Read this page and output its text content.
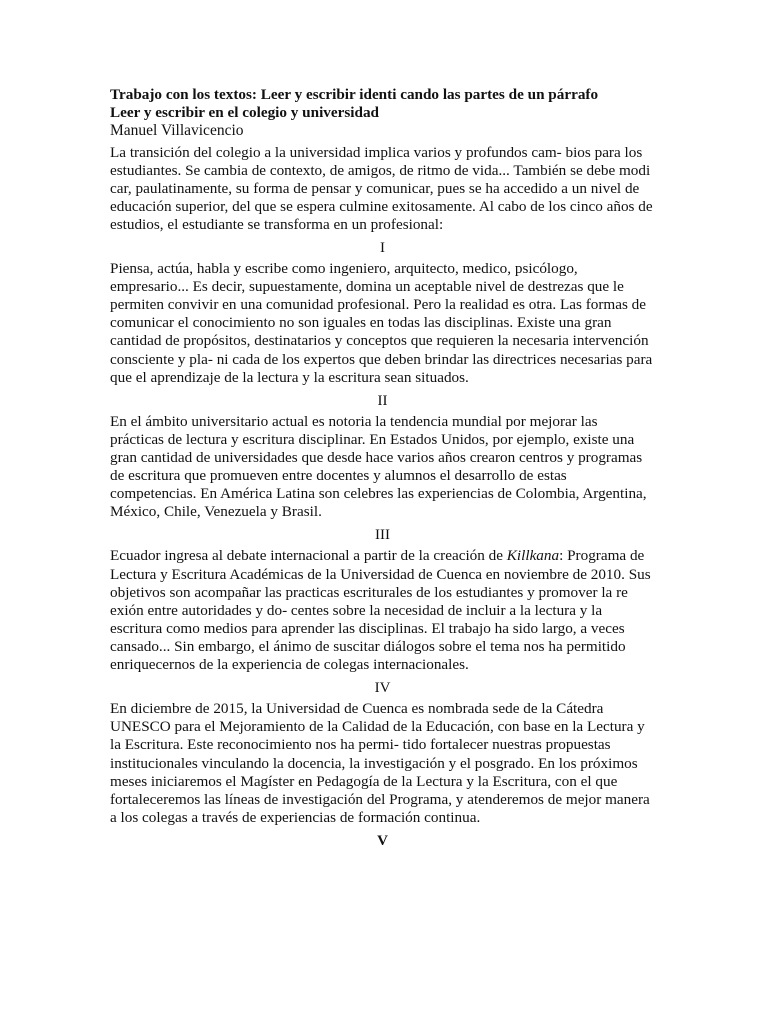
Trabajo con los textos: Leer y escribir identi cando las partes de un párrafo
Leer y escribir en el colegio y universidad
Manuel Villavicencio

La transición del colegio a la universidad implica varios y profundos cam- bios para los estudiantes. Se cambia de contexto, de amigos, de ritmo de vida... También se debe modi car, paulatinamente, su forma de pensar y comunicar, pues se ha accedido a un nivel de educación superior, del que se espera culmine exitosamente. Al cabo de los cinco años de estudios, el estudiante se transforma en un profesional:

I

Piensa, actúa, habla y escribe como ingeniero, arquitecto, medico, psicólogo, empresario... Es decir, supuestamente, domina un aceptable nivel de destrezas que le permiten convivir en una comunidad profesional. Pero la realidad es otra. Las formas de comunicar el conocimiento no son iguales en todas las disciplinas. Existe una gran cantidad de propósitos, destinatarios y conceptos que requieren la necesaria intervención consciente y pla- ni cada de los expertos que deben brindar las directrices necesarias para que el aprendizaje de la lectura y la escritura sean situados.

II

En el ámbito universitario actual es notoria la tendencia mundial por mejorar las prácticas de lectura y escritura disciplinar. En Estados Unidos, por ejemplo, existe una gran cantidad de universidades que desde hace varios años crearon centros y programas de escritura que promueven entre docentes y alumnos el desarrollo de estas competencias. En América Latina son celebres las experiencias de Colombia, Argentina, México, Chile, Venezuela y Brasil.

III

Ecuador ingresa al debate internacional a partir de la creación de Killkana: Programa de Lectura y Escritura Académicas de la Universidad de Cuenca en noviembre de 2010. Sus objetivos son acompañar las practicas escriturales de los estudiantes y promover la re exión entre autoridades y do- centes sobre la necesidad de incluir a la lectura y la escritura como medios para aprender las disciplinas. El trabajo ha sido largo, a veces cansado... Sin embargo, el ánimo de suscitar diálogos sobre el tema nos ha permitido enriquecernos de la experiencia de colegas internacionales.

IV

En diciembre de 2015, la Universidad de Cuenca es nombrada sede de la Cátedra UNESCO para el Mejoramiento de la Calidad de la Educación, con base en la Lectura y la Escritura. Este reconocimiento nos ha permi- tido fortalecer nuestras propuestas institucionales vinculando la docencia, la investigación y el posgrado. En los próximos meses iniciaremos el Magíster en Pedagogía de la Lectura y la Escritura, con el que fortaleceremos las líneas de investigación del Programa, y atenderemos de mejor manera a los colegas a través de experiencias de formación continua.

V
